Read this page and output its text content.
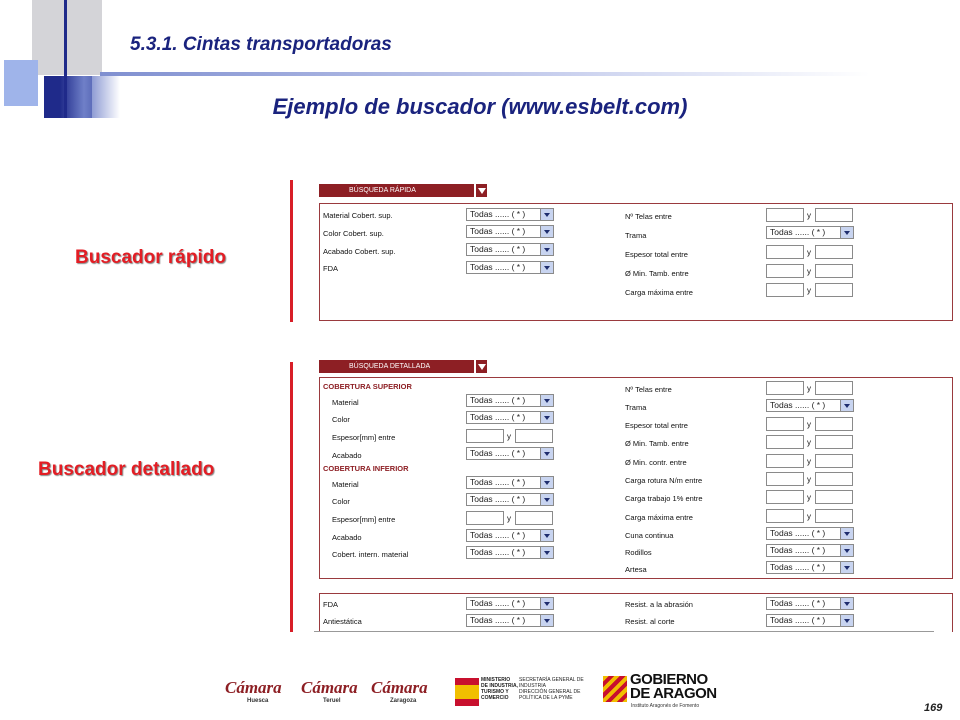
5.3.1. Cintas transportadoras
Ejemplo de buscador (www.esbelt.com)
Buscador rápido
Buscador detallado
BÚSQUEDA RÁPIDA
Material Cobert. sup.
Color Cobert. sup.
Acabado Cobert. sup.
FDA
Todas ...... ( * )
Todas ...... ( * )
Todas ...... ( * )
Todas ...... ( * )
Nº Telas entre
Trama
Espesor total entre
Ø Min. Tamb. entre
Carga máxima entre
y
Todas ...... ( * )
y
y
y
BÚSQUEDA DETALLADA
COBERTURA SUPERIOR
Material
Color
Espesor[mm] entre
Acabado
Todas ...... ( * )
Todas ...... ( * )
y
Todas ...... ( * )
COBERTURA INFERIOR
Material
Color
Espesor[mm] entre
Acabado
Cobert. intern. material
Todas ...... ( * )
Todas ...... ( * )
y
Todas ...... ( * )
Todas ...... ( * )
Nº Telas entre
Trama
Espesor total entre
Ø Min. Tamb. entre
Ø Min. contr. entre
Carga rotura N/m entre
Carga trabajo 1% entre
Carga máxima entre
Cuna continua
Rodillos
Artesa
y
Todas ...... ( * )
y
y
y
y
y
y
Todas ...... ( * )
Todas ...... ( * )
Todas ...... ( * )
FDA
Antiestática
Todas ...... ( * )
Todas ...... ( * )
Resist. a la abrasión
Resist. al corte
Todas ...... ( * )
Todas ...... ( * )
Cámara
Huesca
Cámara
Teruel
Cámara
Zaragoza
MINISTERIO
DE INDUSTRIA,
TURISMO Y
COMERCIO
SECRETARÍA GENERAL DE
INDUSTRIA
DIRECCIÓN GENERAL DE
POLÍTICA DE LA PYME
GOBIERNO
DE ARAGON
Instituto Aragonés de Fomento	169
